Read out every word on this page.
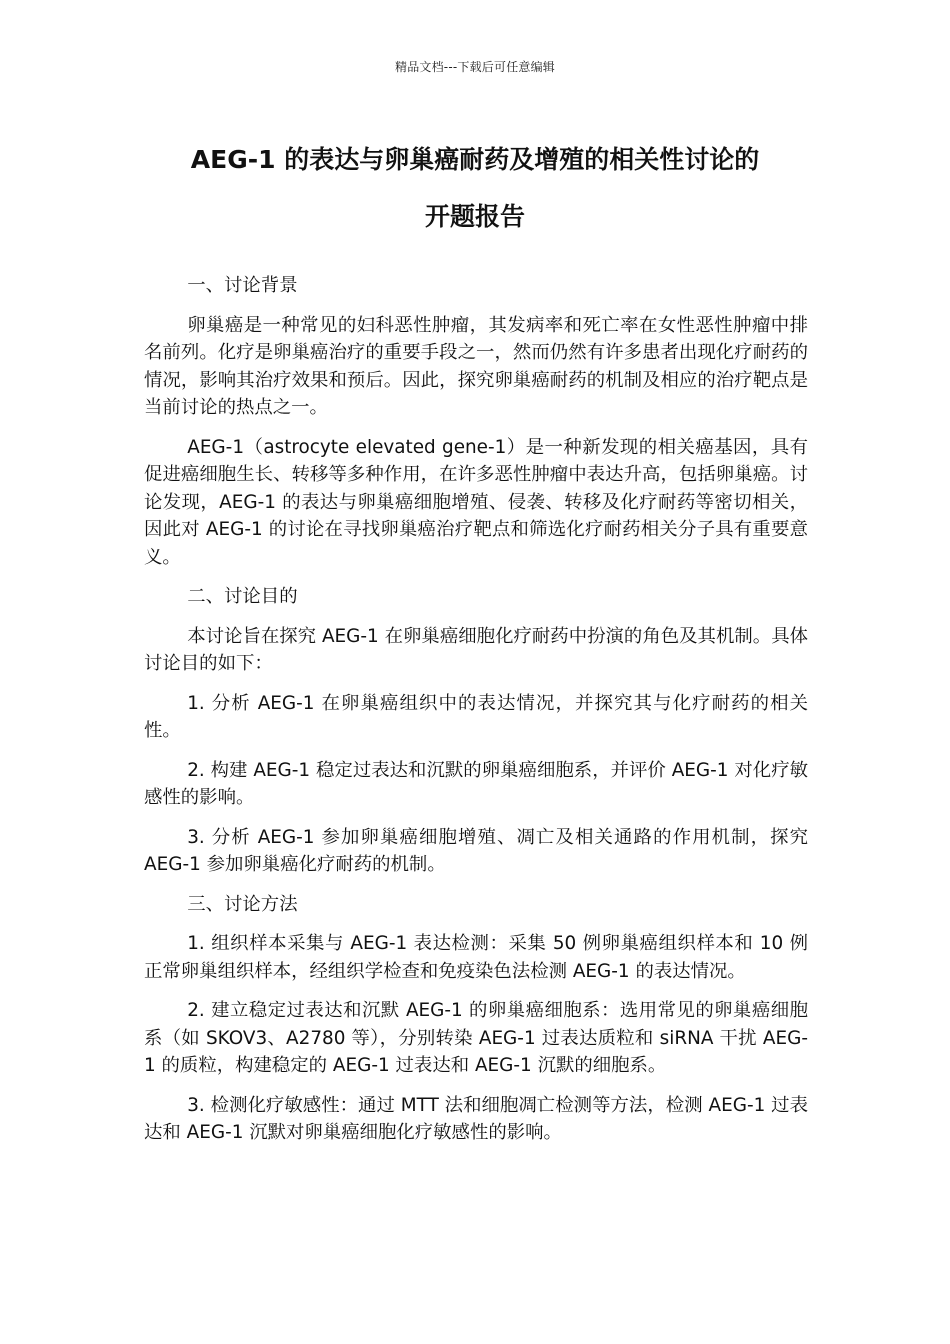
精品文档---下载后可任意编辑
AEG-1 的表达与卵巢癌耐药及增殖的相关性讨论的
开题报告
一、讨论背景

卵巢癌是一种常见的妇科恶性肿瘤，其发病率和死亡率在女性恶性肿瘤中排名前列。化疗是卵巢癌治疗的重要手段之一，然而仍然有许多患者出现化疗耐药的情况，影响其治疗效果和预后。因此，探究卵巢癌耐药的机制及相应的治疗靶点是当前讨论的热点之一。

AEG-1（astrocyte elevated gene-1）是一种新发现的相关癌基因，具有促进癌细胞生长、转移等多种作用，在许多恶性肿瘤中表达升高，包括卵巢癌。讨论发现，AEG-1 的表达与卵巢癌细胞增殖、侵袭、转移及化疗耐药等密切相关，因此对 AEG-1 的讨论在寻找卵巢癌治疗靶点和筛选化疗耐药相关分子具有重要意义。

二、讨论目的

本讨论旨在探究 AEG-1 在卵巢癌细胞化疗耐药中扮演的角色及其机制。具体讨论目的如下：

1. 分析 AEG-1 在卵巢癌组织中的表达情况，并探究其与化疗耐药的相关性。

2. 构建 AEG-1 稳定过表达和沉默的卵巢癌细胞系，并评价 AEG-1 对化疗敏感性的影响。

3. 分析 AEG-1 参加卵巢癌细胞增殖、凋亡及相关通路的作用机制，探究 AEG-1 参加卵巢癌化疗耐药的机制。

三、讨论方法

1. 组织样本采集与 AEG-1 表达检测：采集 50 例卵巢癌组织样本和 10 例正常卵巢组织样本，经组织学检查和免疫染色法检测 AEG-1 的表达情况。

2. 建立稳定过表达和沉默 AEG-1 的卵巢癌细胞系：选用常见的卵巢癌细胞系（如 SKOV3、A2780 等），分别转染 AEG-1 过表达质粒和 siRNA 干扰 AEG-1 的质粒，构建稳定的 AEG-1 过表达和 AEG-1 沉默的细胞系。

3. 检测化疗敏感性：通过 MTT 法和细胞凋亡检测等方法，检测 AEG-1 过表达和 AEG-1 沉默对卵巢癌细胞化疗敏感性的影响。
